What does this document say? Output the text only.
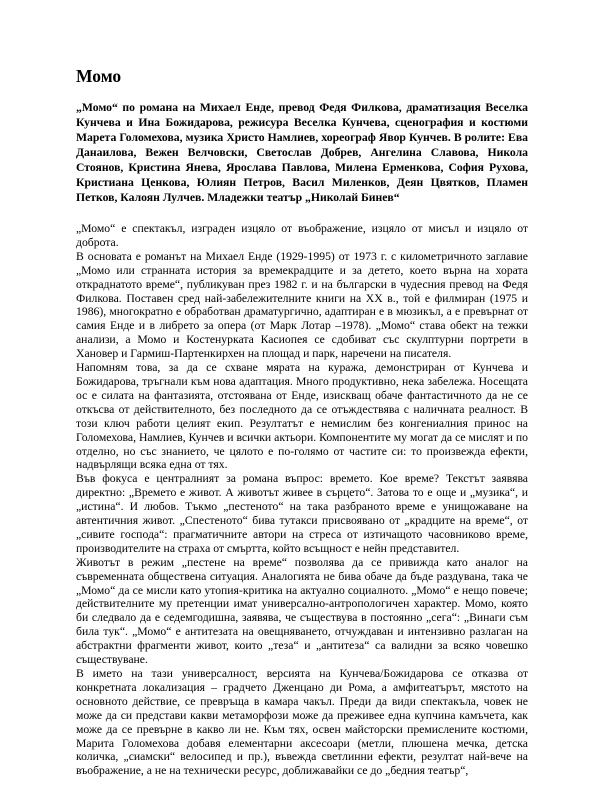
Момо

„Момо“ по романа на Михаел Енде, превод Федя Филкова, драматизация Веселка Кунчева и Ина Божидарова, режисура Веселка Кунчева, сценография и костюми Марета Голомехова, музика Христо Намлиев, хореограф Явор Кунчев. В ролите: Ева Данаилова, Вежен Велчовски, Светослав Добрев, Ангелина Славова, Никола Стоянов, Кристина Янева, Ярослава Павлова, Милена Ерменкова, София Рухова, Кристиана Ценкова, Юлиян Петров, Васил Миленков, Деян Цвятков, Пламен Петков, Калоян Лулчев. Младежки театър „Николай Бинев“

„Момо“ е спектакъл, изграден изцяло от въображение, изцяло от мисъл и изцяло от доброта.

В основата е романът на Михаел Енде (1929-1995) от 1973 г. с километричното заглавие „Момо или странната история за времекрадците и за детето, което върна на хората откраднатото време“, публикуван през 1982 г. и на български в чудесния превод на Федя Филкова. Поставен сред най-забележителните книги на ХХ в., той е филмиран (1975 и 1986), многократно е обработван драматургично, адаптиран е в мюзикъл, а е превърнат от самия Енде и в либрето за опера (от Марк Лотар –1978). „Момо“ става обект на тежки анализи, а Момо и Костенурката Касиопея се сдобиват със скулптурни портрети в Хановер и Гармиш-Партенкирхен на площад и парк, наречени на писателя.

Напомням това, за да се схване мярата на куража, демонстриран от Кунчева и Божидарова, тръгнали към нова адаптация. Много продуктивно, нека забележа. Носещата ос е силата на фантазията, отстоявана от Енде, изискващ обаче фантастичното да не се откъсва от действителното, без последното да се отъждествява с наличната реалност. В този ключ работи целият екип. Резултатът е немислим без конгениалния принос на Голомехова, Намлиев, Кунчев и всички актьори. Компонентите му могат да се мислят и по отделно, но със знанието, че цялото е по-голямо от частите си: то произвежда ефекти, надвърлящи всяка една от тях.

Във фокуса е централният за романа въпрос: времето. Кое време? Текстът заявява директно: „Времето е живот. А животът живее в сърцето“. Затова то е още и „музика“, и „истина“. И любов. Тъкмо „пестеното“ на така разбраното време е унищожаване на автентичния живот. „Спестеното“ бива тутакси присвоявано от „крадците на време“, от „сивите господа“: прагматичните автори на стреса от изтичащото часовниково време, производителите на страха от смъртта, който всъщност е нейн представител.

Животът в режим „пестене на време“ позволява да се привижда като аналог на съвременната обществена ситуация. Аналогията не бива обаче да бъде раздувана, така че „Момо“ да се мисли като утопия-критика на актуално социалното. „Момо“ е нещо повече; действителните му претенции имат универсално-антропологичен характер. Момо, която би следвало да е седемгодишна, заявява, че съществува в постоянно „сега“: „Винаги съм била тук“. „Момо“ е антитезата на овещняването, отчуждаван и интензивно разлаган на абстрактни фрагменти живот, които „теза“ и „антитеза“ са валидни за всяко човешко съществуване.

В името на тази универсалност, версията на Кунчева/Божидарова се отказва от конкретната локализация – градчето Дженцано ди Рома, а амфитеатърът, мястото на основното действие, се превръща в камара чакъл. Преди да види спектакъла, човек не може да си представи какви метаморфози може да преживее една купчина камъчета, как може да се превърне в какво ли не. Към тях, освен майсторски премислените костюми, Марита Голомехова добавя елементарни аксесоари (метли, плюшена мечка, детска количка, „сиамски“ велосипед и пр.), въвежда светлинни ефекти, резултат най-вече на въображение, а не на технически ресурс, доближавайки се до „бедния театър“,
